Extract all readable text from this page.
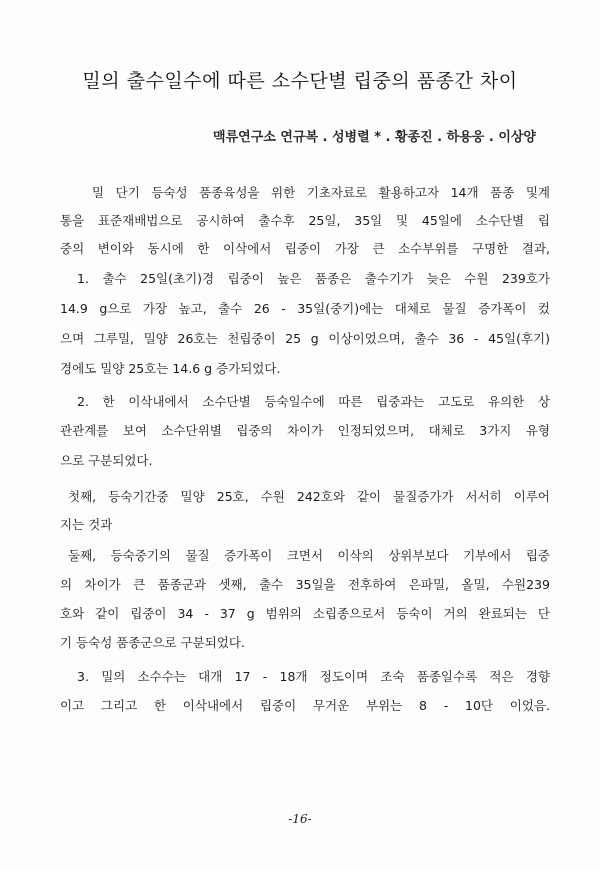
밀의 출수일수에 따른 소수단별 립중의 품종간 차이
맥류연구소 연규복 . 성병렬 * . 황종진 . 하용웅 . 이상양
밀 단기 등숙성 품종육성을 위한 기초자료로 활용하고자 14개 품종 및계
통을 표준재배법으로 공시하여 출수후 25일, 35일 및 45일에 소수단별 립
중의 변이와 동시에 한 이삭에서 립중이 가장 큰 소수부위를 구명한 결과,
1. 출수 25일(초기)경 립중이 높은 품종은 출수기가 늦은 수원 239호가
14.9 g으로 가장 높고, 출수 26 - 35일(중기)에는 대체로 물질 증가폭이 컸
으며 그루밀, 밀양 26호는 천립중이 25 g 이상이었으며, 출수 36 - 45일(후기)
경에도 밀양 25호는 14.6 g 증가되었다.
2. 한 이삭내에서 소수단별 등숙일수에 따른 립중과는 고도로 유의한 상
관관계를 보여 소수단위별 립중의 차이가 인정되었으며, 대체로 3가지 유형
으로 구분되었다.
첫째, 등숙기간중 밀양 25호, 수원 242호와 같이 물질증가가 서서히 이루어
지는 것과
둘째, 등숙중기의 물질 증가폭이 크면서 이삭의 상위부보다 기부에서 립중
의 차이가 큰 품종군과 셋째, 출수 35일을 전후하여 은파밀, 올밀, 수원239
호와 같이 립중이 34 - 37 g 범위의 소립종으로서 등숙이 거의 완료되는 단
기 등숙성 품종군으로 구분되었다.
3. 밀의 소수수는 대개 17 - 18개 정도이며 조숙 품종일수록 적은 경향
이고 그리고 한 이삭내에서 립중이 무거운 부위는 8 - 10단 이었음.
-16-
